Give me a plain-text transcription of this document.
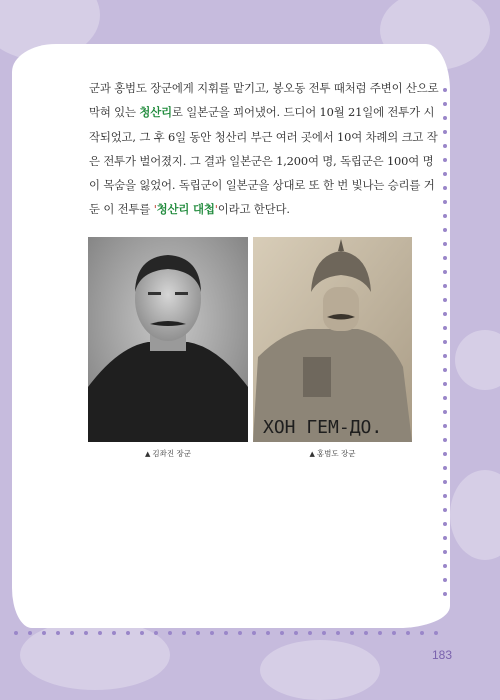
군과 홍범도 장군에게 지휘를 맡기고, 봉오동 전투 때처럼 주변이 산으로 막혀 있는 청산리로 일본군을 꾀어냈어. 드디어 10월 21일에 전투가 시작되었고, 그 후 6일 동안 청산리 부근 여러 곳에서 10여 차례의 크고 작은 전투가 벌어졌지. 그 결과 일본군은 1,200여 명, 독립군은 100여 명이 목숨을 잃었어. 독립군이 일본군을 상대로 또 한 번 빛나는 승리를 거둔 이 전투를 '청산리 대첩'이라고 한단다.

▲ 김좌진 장군
ХОН ГЕМ-ДО.
▲ 홍범도 장군
183
